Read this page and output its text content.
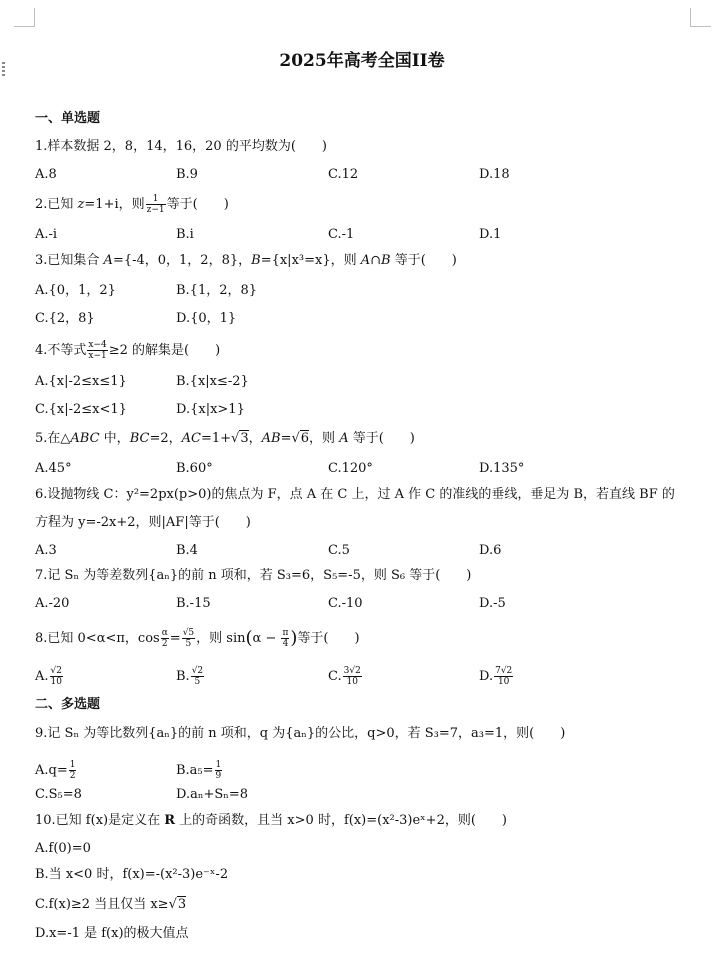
2025年高考全国II卷
一、单选题
1.样本数据 2，8，14，16，20 的平均数为(　　)
A.8	B.9	C.12	D.18
2.已知 z=1+i，则 $\frac{1}{z-1}$ 等于(　　)
A.-i	B.i	C.-1	D.1
3.已知集合 A={-4，0，1，2，8}，B={x|x³=x}，则 A∩B 等于(　　)
A.{0，1，2}	B.{1，2，8}
C.{2，8}	D.{0，1}
4.不等式 $\frac{x-4}{x-1} \ge 2$ 的解集是(　　)
A.{x|-2≤x≤1}	B.{x|x≤-2}
C.{x|-2≤x<1}	D.{x|x>1}
5.在△ABC 中，BC=2，AC=1+√3，AB=√6，则 A 等于(　　)
A.45°	B.60°	C.120°	D.135°
6.设抛物线 C：y²=2px(p>0)的焦点为 F，点 A 在 C 上，过 A 作 C 的准线的垂线，垂足为 B，若直线 BF 的
方程为 y=-2x+2，则|AF|等于(　　)
A.3	B.4	C.5	D.6
7.记 Sₙ 为等差数列{aₙ}的前 n 项和，若 S₃=6，S₅=-5，则 S₆ 等于(　　)
A.-20	B.-15	C.-10	D.-5
8.已知 0<α<π，$\cos \frac{\alpha}{2} = \frac{√5}{5}$ ，则 $\sin(\alpha - \frac{\pi}{4}$ )等于(　　)
A. $\frac{√2}{10}$	B. $\frac{√2}{5}$	C. $\frac{3√2}{10}$	D. $\frac{7√2}{10}$
二、多选题
9.记 Sₙ 为等比数列{aₙ}的前 n 项和，q 为{aₙ}的公比，q>0，若 S₃=7，a₃=1，则(　　)
$A.q= \frac{1}{2}$	$B.a_5= \frac{1}{9}$
C.S₅=8	D.aₙ+Sₙ=8
10.已知 f(x)是定义在 R 上的奇函数，且当 x>0 时，f(x)=(x²-3)eˣ+2，则(　　)
A.f(0)=0
B.当 x<0 时，f(x)=-(x²-3)e⁻ˣ-2
C.f(x)≥2 当且仅当 x≥√3
D.x=-1 是 f(x)的极大值点
